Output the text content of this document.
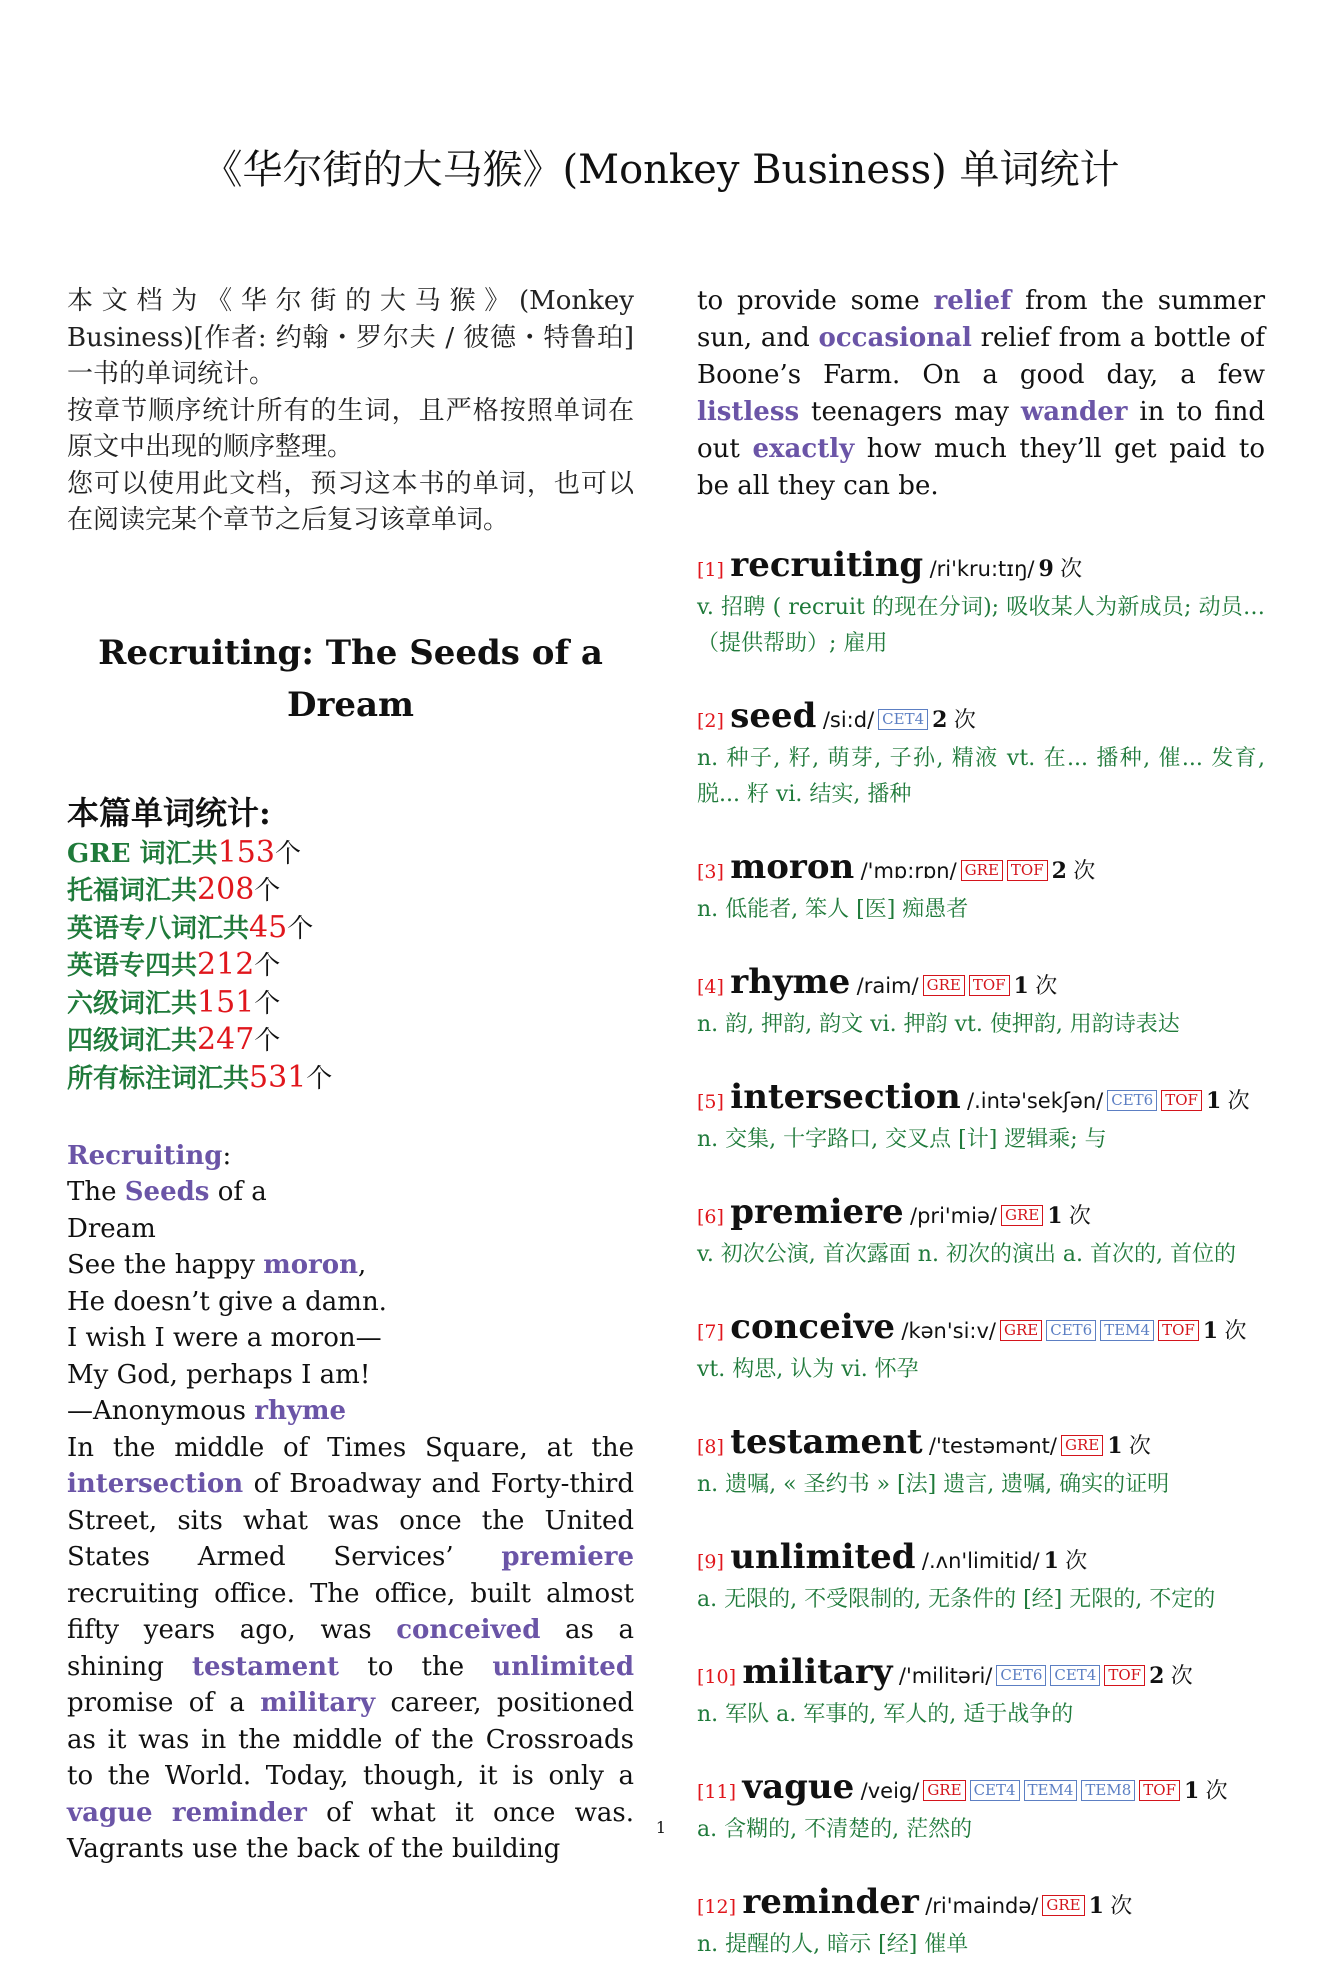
《华尔街的大马猴》(Monkey Business) 单词统计

本文档为《华尔街的大马猴》(Monkey Business)[作者: 约翰・罗尔夫 / 彼德・特鲁珀] 一书的单词统计。

按章节顺序统计所有的生词，且严格按照单词在原文中出现的顺序整理。

您可以使用此文档，预习这本书的单词，也可以在阅读完某个章节之后复习该章单词。

Recruiting: The Seeds of a Dream
本篇单词统计:
GRE 词汇共153个
托福词汇共208个
英语专八词汇共45个
英语专四共212个
六级词汇共151个
四级词汇共247个
所有标注词汇共531个
Recruiting:
The Seeds of a
Dream
See the happy moron,
He doesn’t give a damn.
I wish I were a moron—
My God, perhaps I am!
—Anonymous rhyme

In the middle of Times Square, at the intersection of Broadway and Forty-third Street, sits what was once the United States Armed Services’ premiere recruiting office. The office, built almost fifty years ago, was conceived as a shining testament to the unlimited promise of a military career, positioned as it was in the middle of the Crossroads to the World. Today, though, it is only a vague reminder of what it once was. Vagrants use the back of the building

to provide some relief from the summer sun, and occasional relief from a bottle of Boone’s Farm. On a good day, a few listless teenagers may wander in to find out exactly how much they’ll get paid to be all they can be.

[1] recruiting /ri'kru:tɪŋ/ 9 次
v. 招聘 ( recruit 的现在分词); 吸收某人为新成员; 动员…（提供帮助）; 雇用
[2] seed /si:d/ CET4 2 次
n. 种子, 籽, 萌芽, 子孙, 精液 vt. 在... 播种, 催... 发育, 脱... 籽 vi. 结实, 播种
[3] moron /'mɒ:rɒn/ GRE TOF 2 次
n. 低能者, 笨人 [医] 痴愚者
[4] rhyme /raim/ GRE TOF 1 次
n. 韵, 押韵, 韵文 vi. 押韵 vt. 使押韵, 用韵诗表达
[5] intersection /.intə'sekʃən/ CET6 TOF 1 次
n. 交集, 十字路口, 交叉点 [计] 逻辑乘; 与
[6] premiere /pri'miə/ GRE 1 次
v. 初次公演, 首次露面 n. 初次的演出 a. 首次的, 首位的
[7] conceive /kən'si:v/ GRE CET6 TEM4 TOF 1 次
vt. 构思, 认为 vi. 怀孕
[8] testament /'testəmənt/ GRE 1 次
n. 遗嘱, « 圣约书 » [法] 遗言, 遗嘱, 确实的证明
[9] unlimited /.ʌn'limitid/ 1 次
a. 无限的, 不受限制的, 无条件的 [经] 无限的, 不定的
[10] military /'militəri/ CET6 CET4 TOF 2 次
n. 军队 a. 军事的, 军人的, 适于战争的
[11] vague /veig/ GRE CET4 TEM4 TEM8 TOF 1 次
a. 含糊的, 不清楚的, 茫然的
[12] reminder /ri'maində/ GRE 1 次
n. 提醒的人, 暗示 [经] 催单
1
